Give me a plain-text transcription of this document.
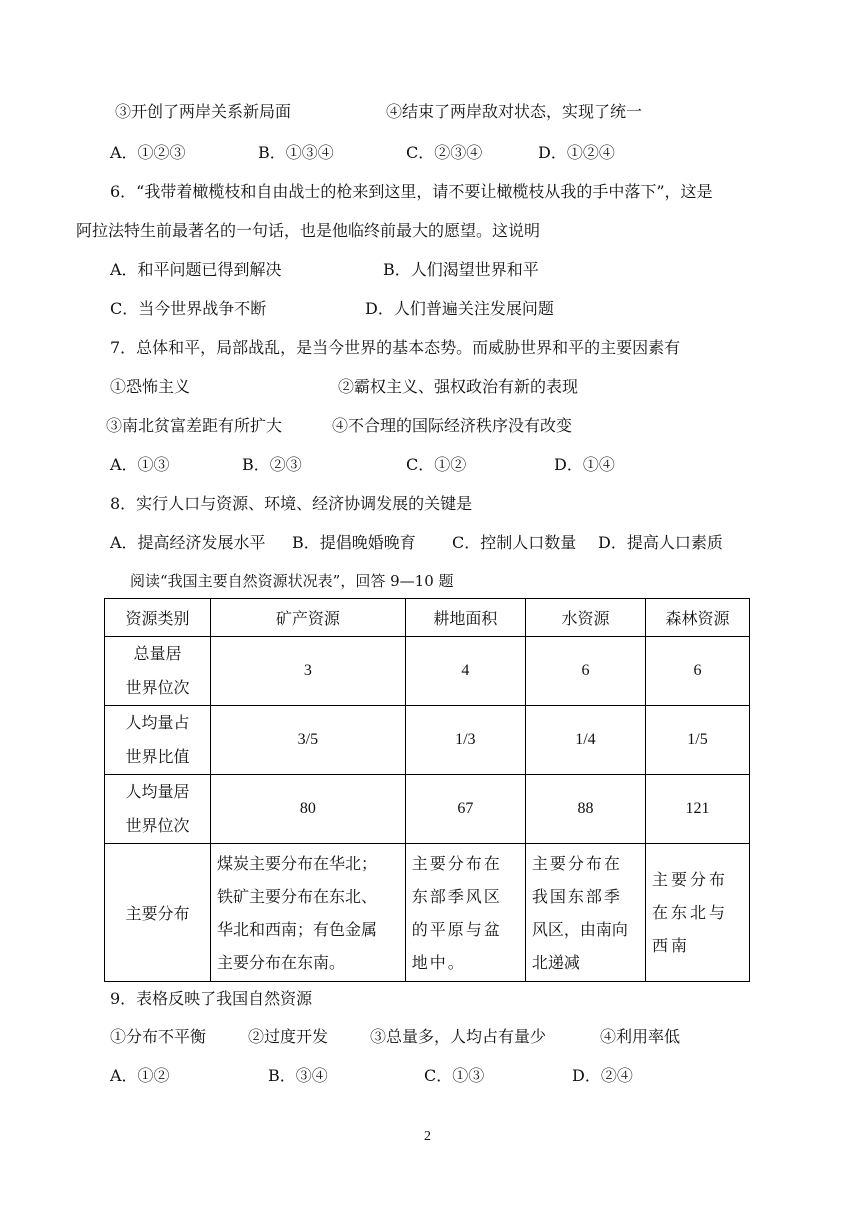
③开创了两岸关系新局面	④结束了两岸敌对状态，实现了统一
A．①②③	B．①③④	C．②③④	D．①②④
6．“我带着橄榄枝和自由战士的枪来到这里，请不要让橄榄枝从我的手中落下”，这是
阿拉法特生前最著名的一句话，也是他临终前最大的愿望。这说明
A．和平问题已得到解决	B．人们渴望世界和平
C．当今世界战争不断	D．人们普遍关注发展问题
7．总体和平，局部战乱，是当今世界的基本态势。而威胁世界和平的主要因素有
①恐怖主义	②霸权主义、强权政治有新的表现
③南北贫富差距有所扩大	④不合理的国际经济秩序没有改变
A．①③	B．②③	C．①②	D．①④
8．实行人口与资源、环境、经济协调发展的关键是
A．提高经济发展水平 B．提倡晚婚晚育 C．控制人口数量 D．提高人口素质
阅读“我国主要自然资源状况表”，回答 9—10 题
资源类别	矿产资源	耕地面积	水资源	森林资源
总量居
世界位次	3	4	6	6
人均量占
世界比值	3/5	1/3	1/4	1/5
人均量居
世界位次	80	67	88	121
主要分布	煤炭主要分布在华北；
铁矿主要分布在东北、
华北和西南；有色金属
主要分布在东南。	主要分布在
东部季风区
的平原与盆
地中。	主要分布在
我国东部季
风区，由南向
北递减	主要分布
在东北与
西南
9．表格反映了我国自然资源
①分布不平衡	②过度开发	③总量多，人均占有量少	④利用率低
A．①②	B．③④	C．①③	D．②④
2
